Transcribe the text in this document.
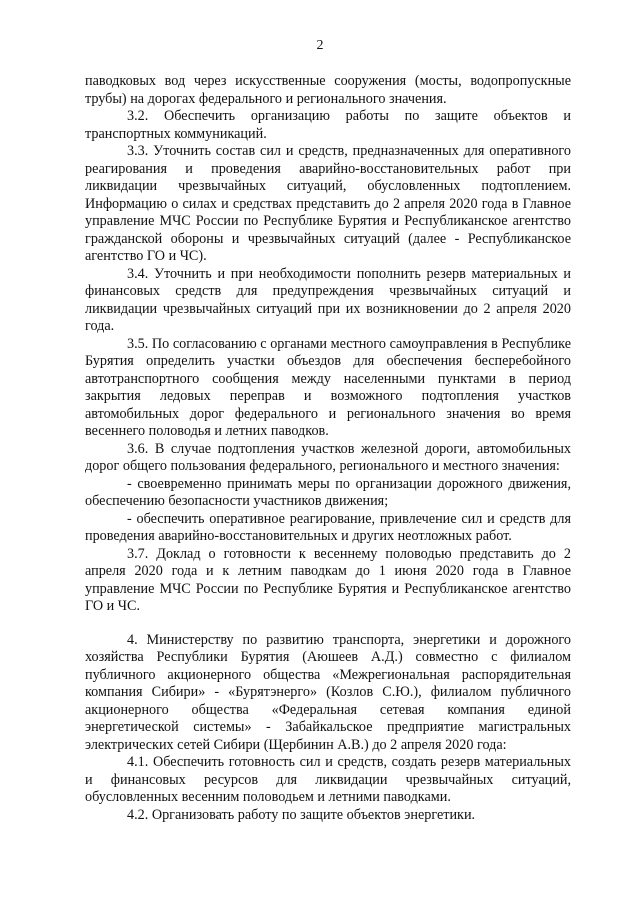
2

паводковых вод через искусственные сооружения (мосты, водопропускные трубы) на дорогах федерального и регионального значения.

3.2. Обеспечить организацию работы по защите объектов и транспортных коммуникаций.

3.3. Уточнить состав сил и средств, предназначенных для оперативного реагирования и проведения аварийно-восстановительных работ при ликвидации чрезвычайных ситуаций, обусловленных подтоплением. Информацию о силах и средствах представить до 2 апреля 2020 года в Главное управление МЧС России по Республике Бурятия и Республиканское агентство гражданской обороны и чрезвычайных ситуаций (далее - Республиканское агентство ГО и ЧС).

3.4. Уточнить и при необходимости пополнить резерв материальных и финансовых средств для предупреждения чрезвычайных ситуаций и ликвидации чрезвычайных ситуаций при их возникновении до 2 апреля 2020 года.

3.5. По согласованию с органами местного самоуправления в Республике Бурятия определить участки объездов для обеспечения бесперебойного автотранспортного сообщения между населенными пунктами в период закрытия ледовых переправ и возможного подтопления участков автомобильных дорог федерального и регионального значения во время весеннего половодья и летних паводков.

3.6. В случае подтопления участков железной дороги, автомобильных дорог общего пользования федерального, регионального и местного значения:

- своевременно принимать меры по организации дорожного движения, обеспечению безопасности участников движения;

- обеспечить оперативное реагирование, привлечение сил и средств для проведения аварийно-восстановительных и других неотложных работ.

3.7. Доклад о готовности к весеннему половодью представить до 2 апреля 2020 года и к летним паводкам до 1 июня 2020 года в Главное управление МЧС России по Республике Бурятия и Республиканское агентство ГО и ЧС.

4. Министерству по развитию транспорта, энергетики и дорожного хозяйства Республики Бурятия (Аюшеев А.Д.) совместно с филиалом публичного акционерного общества «Межрегиональная распорядительная компания Сибири» - «Бурятэнерго» (Козлов С.Ю.), филиалом публичного акционерного общества «Федеральная сетевая компания единой энергетической системы» - Забайкальское предприятие магистральных электрических сетей Сибири (Щербинин А.В.) до 2 апреля 2020 года:

4.1. Обеспечить готовность сил и средств, создать резерв материальных и финансовых ресурсов для ликвидации чрезвычайных ситуаций, обусловленных весенним половодьем и летними паводками.

4.2. Организовать работу по защите объектов энергетики.
